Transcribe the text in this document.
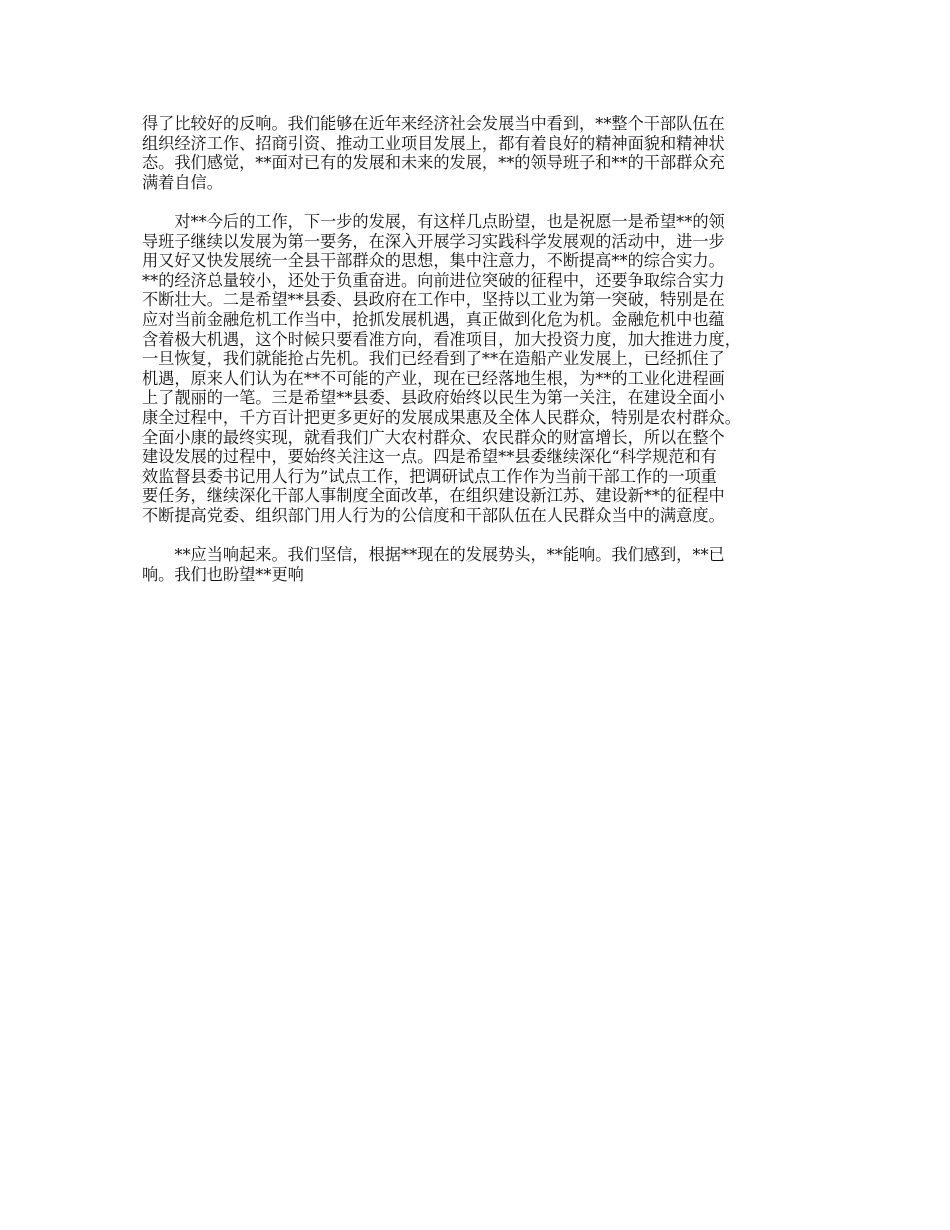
得了比较好的反响。我们能够在近年来经济社会发展当中看到，**整个干部队伍在
组织经济工作、招商引资、推动工业项目发展上，都有着良好的精神面貌和精神状
态。我们感觉，**面对已有的发展和未来的发展，**的领导班子和**的干部群众充
满着自信。
　　对**今后的工作，下一步的发展，有这样几点盼望，也是祝愿一是希望**的领
导班子继续以发展为第一要务，在深入开展学习实践科学发展观的活动中，进一步
用又好又快发展统一全县干部群众的思想，集中注意力，不断提高**的综合实力。
**的经济总量较小，还处于负重奋进。向前进位突破的征程中，还要争取综合实力
不断壮大。二是希望**县委、县政府在工作中，坚持以工业为第一突破，特别是在
应对当前金融危机工作当中，抢抓发展机遇，真正做到化危为机。金融危机中也蕴
含着极大机遇，这个时候只要看准方向，看准项目，加大投资力度，加大推进力度，
一旦恢复，我们就能抢占先机。我们已经看到了**在造船产业发展上，已经抓住了
机遇，原来人们认为在**不可能的产业，现在已经落地生根，为**的工业化进程画
上了靓丽的一笔。三是希望**县委、县政府始终以民生为第一关注，在建设全面小
康全过程中，千方百计把更多更好的发展成果惠及全体人民群众，特别是农村群众。
全面小康的最终实现，就看我们广大农村群众、农民群众的财富增长，所以在整个
建设发展的过程中，要始终关注这一点。四是希望**县委继续深化“科学规范和有
效监督县委书记用人行为”试点工作，把调研试点工作作为当前干部工作的一项重
要任务，继续深化干部人事制度全面改革，在组织建设新江苏、建设新**的征程中
不断提高党委、组织部门用人行为的公信度和干部队伍在人民群众当中的满意度。
　　**应当响起来。我们坚信，根据**现在的发展势头，**能响。我们感到，**已
响。我们也盼望**更响
